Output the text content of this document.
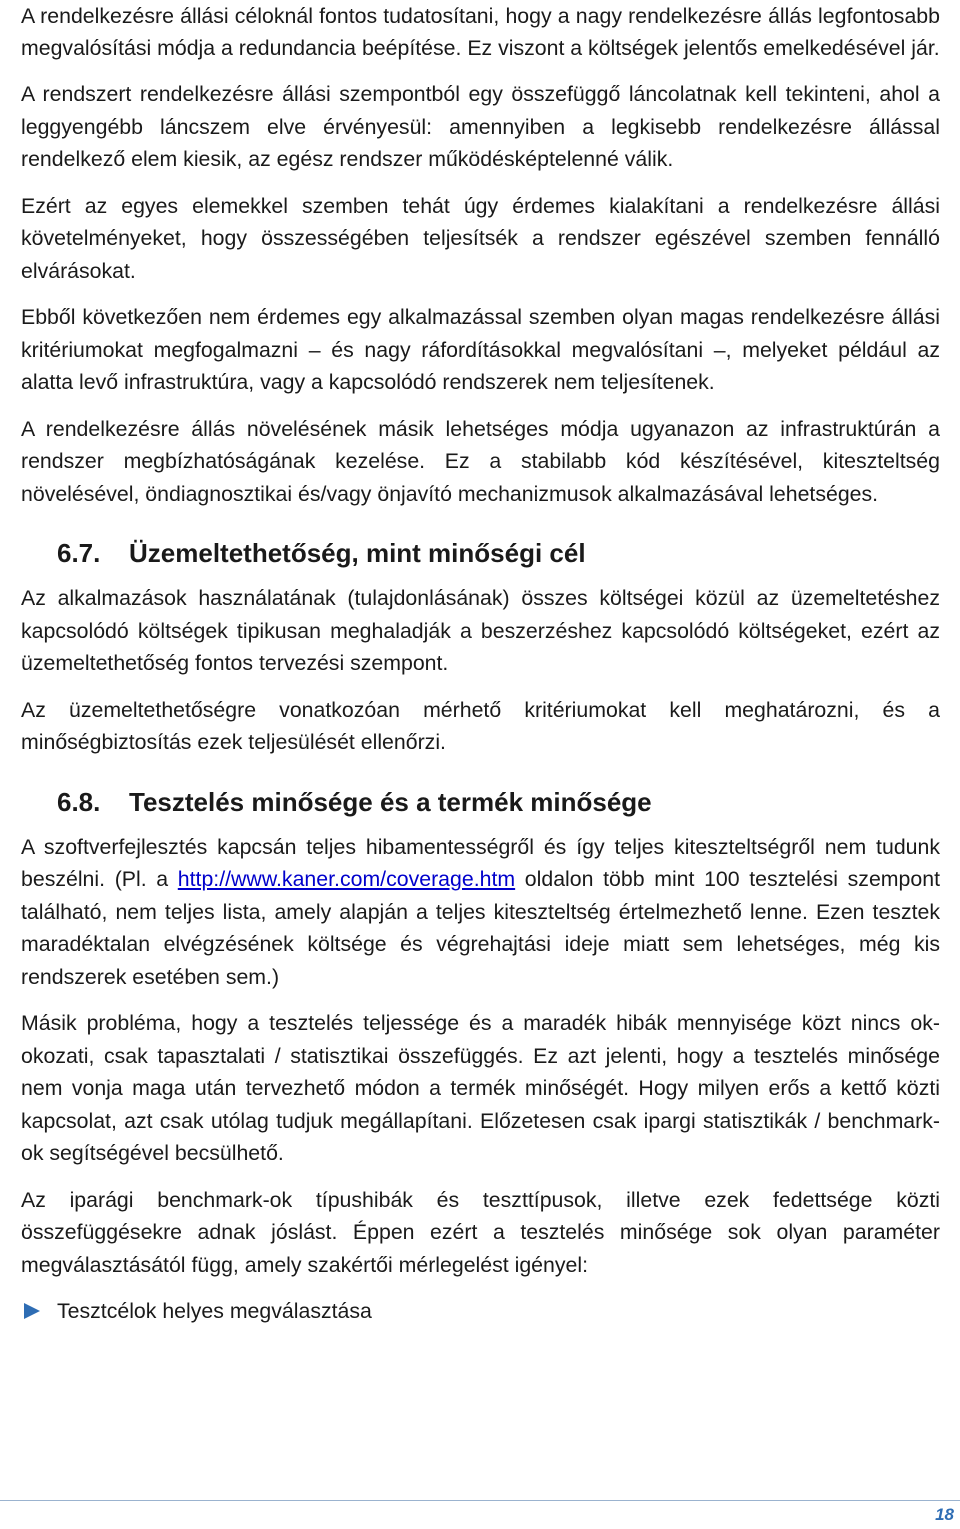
A rendelkezésre állási céloknál fontos tudatosítani, hogy a nagy rendelkezésre állás legfontosabb megvalósítási módja a redundancia beépítése. Ez viszont a költségek jelentős emelkedésével jár.

A rendszert rendelkezésre állási szempontból egy összefüggő láncolatnak kell tekinteni, ahol a leggyengébb láncszem elve érvényesül: amennyiben a legkisebb rendelkezésre állással rendelkező elem kiesik, az egész rendszer működésképtelenné válik.

Ezért az egyes elemekkel szemben tehát úgy érdemes kialakítani a rendelkezésre állási követelményeket, hogy összességében teljesítsék a rendszer egészével szemben fennálló elvárásokat.

Ebből következően nem érdemes egy alkalmazással szemben olyan magas rendelkezésre állási kritériumokat megfogalmazni – és nagy ráfordításokkal megvalósítani –, melyeket például az alatta levő infrastruktúra, vagy a kapcsolódó rendszerek nem teljesítenek.

A rendelkezésre állás növelésének másik lehetséges módja ugyanazon az infrastruktúrán a rendszer megbízhatóságának kezelése. Ez a stabilabb kód készítésével, kiteszteltség növelésével, öndiagnosztikai és/vagy önjavító mechanizmusok alkalmazásával lehetséges.

6.7. Üzemeltethetőség, mint minőségi cél

Az alkalmazások használatának (tulajdonlásának) összes költségei közül az üzemeltetéshez kapcsolódó költségek tipikusan meghaladják a beszerzéshez kapcsolódó költségeket, ezért az üzemeltethetőség fontos tervezési szempont.

Az üzemeltethetőségre vonatkozóan mérhető kritériumokat kell meghatározni, és a minőségbiztosítás ezek teljesülését ellenőrzi.

6.8. Tesztelés minősége és a termék minősége

A szoftverfejlesztés kapcsán teljes hibamentességről és így teljes kiteszteltségről nem tudunk beszélni. (Pl. a http://www.kaner.com/coverage.htm oldalon több mint 100 tesztelési szempont található, nem teljes lista, amely alapján a teljes kiteszteltség értelmezhető lenne. Ezen tesztek maradéktalan elvégzésének költsége és végrehajtási ideje miatt sem lehetséges, még kis rendszerek esetében sem.)

Másik probléma, hogy a tesztelés teljessége és a maradék hibák mennyisége közt nincs ok-okozati, csak tapasztalati / statisztikai összefüggés. Ez azt jelenti, hogy a tesztelés minősége nem vonja maga után tervezhető módon a termék minőségét. Hogy milyen erős a kettő közti kapcsolat, azt csak utólag tudjuk megállapítani. Előzetesen csak ipargi statisztikák / benchmark-ok segítségével becsülhető.

Az iparági benchmark-ok típushibák és teszttípusok, illetve ezek fedettsége közti összefüggésekre adnak jóslást. Éppen ezért a tesztelés minősége sok olyan paraméter megválasztásától függ, amely szakértői mérlegelést igényel:

Tesztcélok helyes megválasztása
18
